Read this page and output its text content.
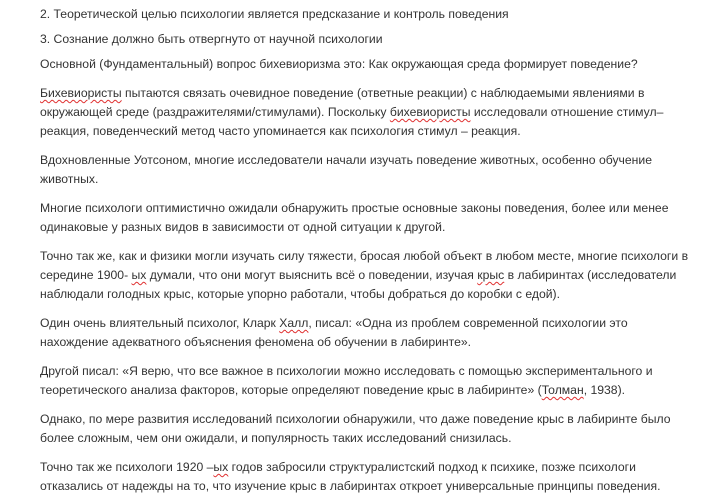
2. Теоретической целью психологии является предсказание и контроль поведения

3. Сознание должно быть отвергнуто от научной психологии

Основной (Фундаментальный) вопрос бихевиоризма это: Как окружающая среда формирует поведение?

Бихевиористы пытаются связать очевидное поведение (ответные реакции) с наблюдаемыми явлениями в окружающей среде (раздражителями/стимулами). Поскольку бихевиористы исследовали отношение стимул–реакция, поведенческий метод часто упоминается как психология стимул – реакция.

Вдохновленные Уотсоном, многие исследователи начали изучать поведение животных, особенно обучение животных.

Многие психологи оптимистично ожидали обнаружить простые основные законы поведения, более или менее одинаковые у разных видов в зависимости от одной ситуации к другой.

Точно так же, как и физики могли изучать силу тяжести, бросая любой объект в любом месте, многие психологи в середине 1900- ых думали, что они могут выяснить всё о поведении, изучая крыс в лабиринтах (исследователи наблюдали голодных крыс, которые упорно работали, чтобы добраться до коробки с едой).

Один очень влиятельный психолог, Кларк Халл, писал: «Одна из проблем современной психологии это нахождение адекватного объяснения феномена об обучении в лабиринте».

Другой писал: «Я верю, что все важное в психологии можно исследовать с помощью экспериментального и теоретического анализа факторов, которые определяют поведение крыс в лабиринте» (Толман, 1938).

Однако, по мере развития исследований психологии обнаружили, что даже поведение крыс в лабиринте было более сложным, чем они ожидали, и популярность таких исследований снизилась.

Точно так же психологи 1920 –ых годов забросили структуралистский подход к психике, позже психологи отказались от надежды на то, что изучение крыс в лабиринтах откроет универсальные принципы поведения.
